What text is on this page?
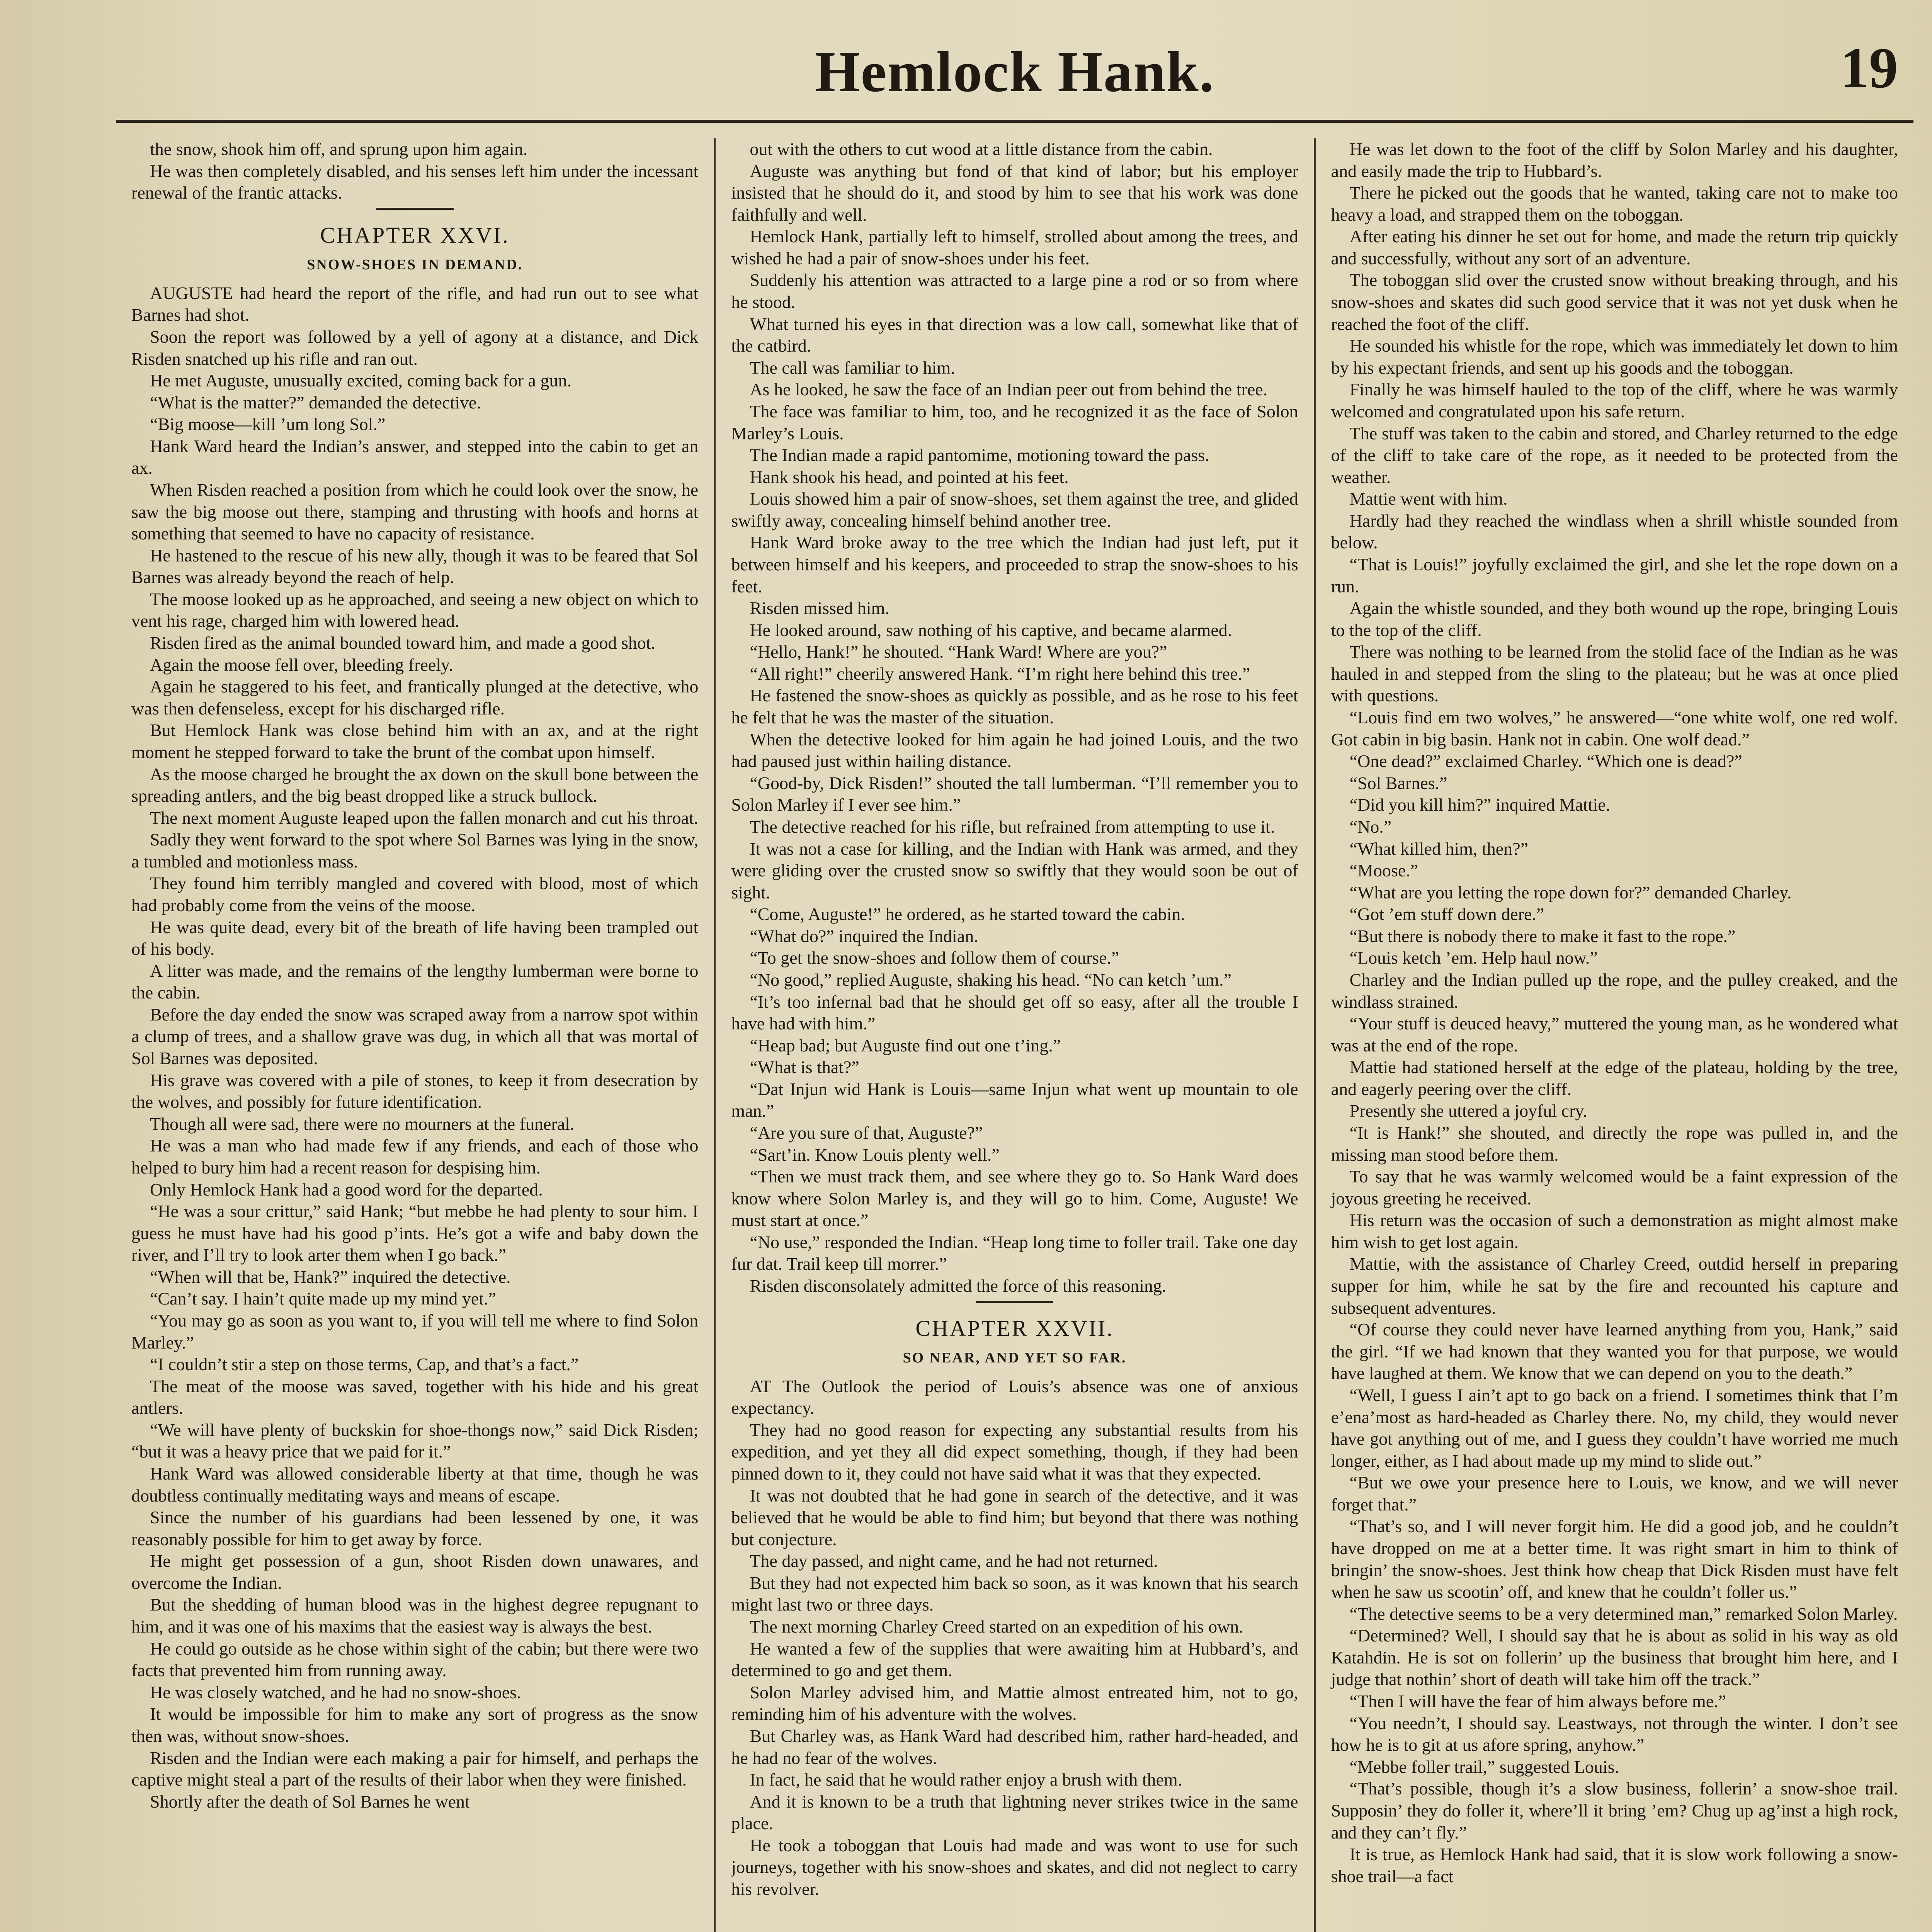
Hemlock Hank.	19

the snow, shook him off, and sprung upon him again.

He was then completely disabled, and his senses left him under the incessant renewal of the frantic attacks.

CHAPTER XXVI.
SNOW-SHOES IN DEMAND.

AUGUSTE had heard the report of the rifle, and had run out to see what Barnes had shot.

Soon the report was followed by a yell of agony at a distance, and Dick Risden snatched up his rifle and ran out.

He met Auguste, unusually excited, coming back for a gun.

“What is the matter?” demanded the detective.

“Big moose—kill ’um long Sol.”

Hank Ward heard the Indian’s answer, and stepped into the cabin to get an ax.

When Risden reached a position from which he could look over the snow, he saw the big moose out there, stamping and thrusting with hoofs and horns at something that seemed to have no capacity of resistance.

He hastened to the rescue of his new ally, though it was to be feared that Sol Barnes was already beyond the reach of help.

The moose looked up as he approached, and seeing a new object on which to vent his rage, charged him with lowered head.

Risden fired as the animal bounded toward him, and made a good shot.

Again the moose fell over, bleeding freely.

Again he staggered to his feet, and frantically plunged at the detective, who was then defenseless, except for his discharged rifle.

But Hemlock Hank was close behind him with an ax, and at the right moment he stepped forward to take the brunt of the combat upon himself.

As the moose charged he brought the ax down on the skull bone between the spreading antlers, and the big beast dropped like a struck bullock.

The next moment Auguste leaped upon the fallen monarch and cut his throat.

Sadly they went forward to the spot where Sol Barnes was lying in the snow, a tumbled and motionless mass.

They found him terribly mangled and covered with blood, most of which had probably come from the veins of the moose.

He was quite dead, every bit of the breath of life having been trampled out of his body.

A litter was made, and the remains of the lengthy lumberman were borne to the cabin.

Before the day ended the snow was scraped away from a narrow spot within a clump of trees, and a shallow grave was dug, in which all that was mortal of Sol Barnes was deposited.

His grave was covered with a pile of stones, to keep it from desecration by the wolves, and possibly for future identification.

Though all were sad, there were no mourners at the funeral.

He was a man who had made few if any friends, and each of those who helped to bury him had a recent reason for despising him.

Only Hemlock Hank had a good word for the departed.

“He was a sour crittur,” said Hank; “but mebbe he had plenty to sour him. I guess he must have had his good p’ints. He’s got a wife and baby down the river, and I’ll try to look arter them when I go back.”

“When will that be, Hank?” inquired the detective.

“Can’t say. I hain’t quite made up my mind yet.”

“You may go as soon as you want to, if you will tell me where to find Solon Marley.”

“I couldn’t stir a step on those terms, Cap, and that’s a fact.”

The meat of the moose was saved, together with his hide and his great antlers.

“We will have plenty of buckskin for shoe-thongs now,” said Dick Risden; “but it was a heavy price that we paid for it.”

Hank Ward was allowed considerable liberty at that time, though he was doubtless continually meditating ways and means of escape.

Since the number of his guardians had been lessened by one, it was reasonably possible for him to get away by force.

He might get possession of a gun, shoot Risden down unawares, and overcome the Indian.

But the shedding of human blood was in the highest degree repugnant to him, and it was one of his maxims that the easiest way is always the best.

He could go outside as he chose within sight of the cabin; but there were two facts that prevented him from running away.

He was closely watched, and he had no snow-shoes.

It would be impossible for him to make any sort of progress as the snow then was, without snow-shoes.

Risden and the Indian were each making a pair for himself, and perhaps the captive might steal a part of the results of their labor when they were finished.

Shortly after the death of Sol Barnes he went

out with the others to cut wood at a little distance from the cabin.

Auguste was anything but fond of that kind of labor; but his employer insisted that he should do it, and stood by him to see that his work was done faithfully and well.

Hemlock Hank, partially left to himself, strolled about among the trees, and wished he had a pair of snow-shoes under his feet.

Suddenly his attention was attracted to a large pine a rod or so from where he stood.

What turned his eyes in that direction was a low call, somewhat like that of the catbird.

The call was familiar to him.

As he looked, he saw the face of an Indian peer out from behind the tree.

The face was familiar to him, too, and he recognized it as the face of Solon Marley’s Louis.

The Indian made a rapid pantomime, motioning toward the pass.

Hank shook his head, and pointed at his feet.

Louis showed him a pair of snow-shoes, set them against the tree, and glided swiftly away, concealing himself behind another tree.

Hank Ward broke away to the tree which the Indian had just left, put it between himself and his keepers, and proceeded to strap the snow-shoes to his feet.

Risden missed him.

He looked around, saw nothing of his captive, and became alarmed.

“Hello, Hank!” he shouted. “Hank Ward! Where are you?”

“All right!” cheerily answered Hank. “I’m right here behind this tree.”

He fastened the snow-shoes as quickly as possible, and as he rose to his feet he felt that he was the master of the situation.

When the detective looked for him again he had joined Louis, and the two had paused just within hailing distance.

“Good-by, Dick Risden!” shouted the tall lumberman. “I’ll remember you to Solon Marley if I ever see him.”

The detective reached for his rifle, but refrained from attempting to use it.

It was not a case for killing, and the Indian with Hank was armed, and they were gliding over the crusted snow so swiftly that they would soon be out of sight.

“Come, Auguste!” he ordered, as he started toward the cabin.

“What do?” inquired the Indian.

“To get the snow-shoes and follow them of course.”

“No good,” replied Auguste, shaking his head. “No can ketch ’um.”

“It’s too infernal bad that he should get off so easy, after all the trouble I have had with him.”

“Heap bad; but Auguste find out one t’ing.”

“What is that?”

“Dat Injun wid Hank is Louis—same Injun what went up mountain to ole man.”

“Are you sure of that, Auguste?”

“Sart’in. Know Louis plenty well.”

“Then we must track them, and see where they go to. So Hank Ward does know where Solon Marley is, and they will go to him. Come, Auguste! We must start at once.”

“No use,” responded the Indian. “Heap long time to foller trail. Take one day fur dat. Trail keep till morrer.”

Risden disconsolately admitted the force of this reasoning.

CHAPTER XXVII.
SO NEAR, AND YET SO FAR.

AT The Outlook the period of Louis’s absence was one of anxious expectancy.

They had no good reason for expecting any substantial results from his expedition, and yet they all did expect something, though, if they had been pinned down to it, they could not have said what it was that they expected.

It was not doubted that he had gone in search of the detective, and it was believed that he would be able to find him; but beyond that there was nothing but conjecture.

The day passed, and night came, and he had not returned.

But they had not expected him back so soon, as it was known that his search might last two or three days.

The next morning Charley Creed started on an expedition of his own.

He wanted a few of the supplies that were awaiting him at Hubbard’s, and determined to go and get them.

Solon Marley advised him, and Mattie almost entreated him, not to go, reminding him of his adventure with the wolves.

But Charley was, as Hank Ward had described him, rather hard-headed, and he had no fear of the wolves.

In fact, he said that he would rather enjoy a brush with them.

And it is known to be a truth that lightning never strikes twice in the same place.

He took a toboggan that Louis had made and was wont to use for such journeys, together with his snow-shoes and skates, and did not neglect to carry his revolver.

He was let down to the foot of the cliff by Solon Marley and his daughter, and easily made the trip to Hubbard’s.

There he picked out the goods that he wanted, taking care not to make too heavy a load, and strapped them on the toboggan.

After eating his dinner he set out for home, and made the return trip quickly and successfully, without any sort of an adventure.

The toboggan slid over the crusted snow without breaking through, and his snow-shoes and skates did such good service that it was not yet dusk when he reached the foot of the cliff.

He sounded his whistle for the rope, which was immediately let down to him by his expectant friends, and sent up his goods and the toboggan.

Finally he was himself hauled to the top of the cliff, where he was warmly welcomed and congratulated upon his safe return.

The stuff was taken to the cabin and stored, and Charley returned to the edge of the cliff to take care of the rope, as it needed to be protected from the weather.

Mattie went with him.

Hardly had they reached the windlass when a shrill whistle sounded from below.

“That is Louis!” joyfully exclaimed the girl, and she let the rope down on a run.

Again the whistle sounded, and they both wound up the rope, bringing Louis to the top of the cliff.

There was nothing to be learned from the stolid face of the Indian as he was hauled in and stepped from the sling to the plateau; but he was at once plied with questions.

“Louis find em two wolves,” he answered—“one white wolf, one red wolf. Got cabin in big basin. Hank not in cabin. One wolf dead.”

“One dead?” exclaimed Charley. “Which one is dead?”

“Sol Barnes.”

“Did you kill him?” inquired Mattie.

“No.”

“What killed him, then?”

“Moose.”

“What are you letting the rope down for?” demanded Charley.

“Got ’em stuff down dere.”

“But there is nobody there to make it fast to the rope.”

“Louis ketch ’em. Help haul now.”

Charley and the Indian pulled up the rope, and the pulley creaked, and the windlass strained.

“Your stuff is deuced heavy,” muttered the young man, as he wondered what was at the end of the rope.

Mattie had stationed herself at the edge of the plateau, holding by the tree, and eagerly peering over the cliff.

Presently she uttered a joyful cry.

“It is Hank!” she shouted, and directly the rope was pulled in, and the missing man stood before them.

To say that he was warmly welcomed would be a faint expression of the joyous greeting he received.

His return was the occasion of such a demonstration as might almost make him wish to get lost again.

Mattie, with the assistance of Charley Creed, outdid herself in preparing supper for him, while he sat by the fire and recounted his capture and subsequent adventures.

“Of course they could never have learned anything from you, Hank,” said the girl. “If we had known that they wanted you for that purpose, we would have laughed at them. We know that we can depend on you to the death.”

“Well, I guess I ain’t apt to go back on a friend. I sometimes think that I’m e’ena’most as hard-headed as Charley there. No, my child, they would never have got anything out of me, and I guess they couldn’t have worried me much longer, either, as I had about made up my mind to slide out.”

“But we owe your presence here to Louis, we know, and we will never forget that.”

“That’s so, and I will never forgit him. He did a good job, and he couldn’t have dropped on me at a better time. It was right smart in him to think of bringin’ the snow-shoes. Jest think how cheap that Dick Risden must have felt when he saw us scootin’ off, and knew that he couldn’t foller us.”

“The detective seems to be a very determined man,” remarked Solon Marley.

“Determined? Well, I should say that he is about as solid in his way as old Katahdin. He is sot on follerin’ up the business that brought him here, and I judge that nothin’ short of death will take him off the track.”

“Then I will have the fear of him always before me.”

“You needn’t, I should say. Leastways, not through the winter. I don’t see how he is to git at us afore spring, anyhow.”

“Mebbe foller trail,” suggested Louis.

“That’s possible, though it’s a slow business, follerin’ a snow-shoe trail. Supposin’ they do foller it, where’ll it bring ’em? Chug up ag’inst a high rock, and they can’t fly.”

It is true, as Hemlock Hank had said, that it is slow work following a snow-shoe trail—a fact
